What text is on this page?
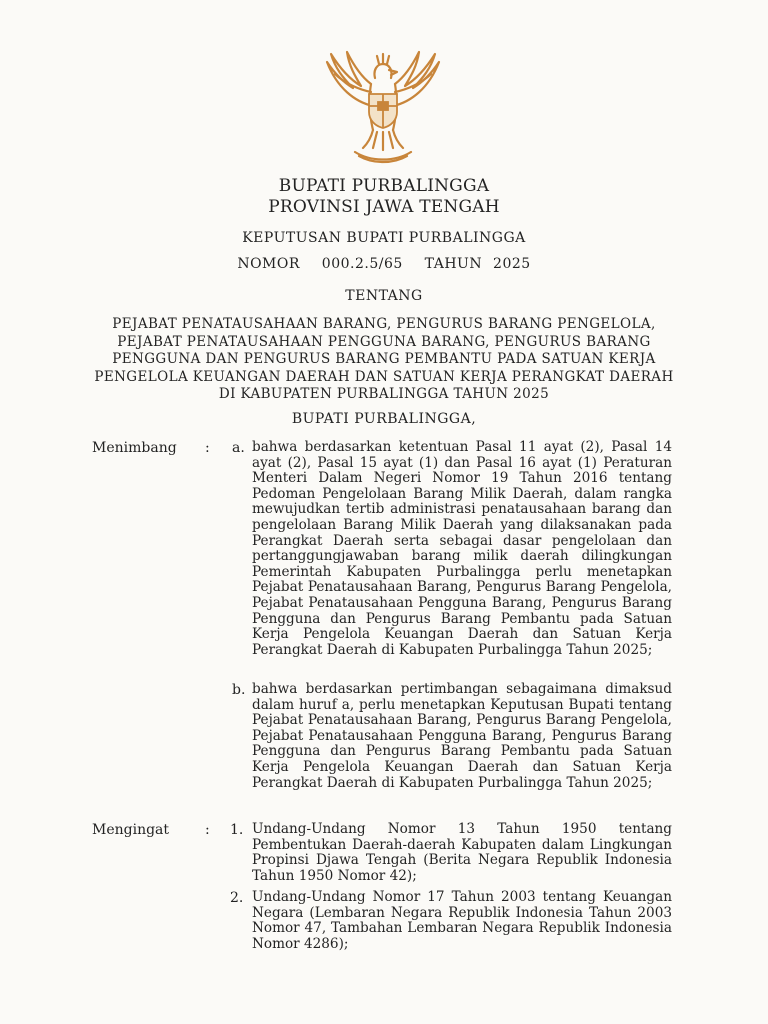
BUPATI PURBALINGGA
PROVINSI JAWA TENGAH
KEPUTUSAN BUPATI PURBALINGGA
NOMOR  000.2.5/65  TAHUN 2025
TENTANG
PEJABAT PENATAUSAHAAN BARANG, PENGURUS BARANG PENGELOLA,
PEJABAT PENATAUSAHAAN PENGGUNA BARANG, PENGURUS BARANG
PENGGUNA DAN PENGURUS BARANG PEMBANTU PADA SATUAN KERJA
PENGELOLA KEUANGAN DAERAH DAN SATUAN KERJA PERANGKAT DAERAH
DI KABUPATEN PURBALINGGA TAHUN 2025
BUPATI PURBALINGGA,
Menimbang : a. bahwa berdasarkan ketentuan Pasal 11 ayat (2), Pasal 14 ayat (2), Pasal 15 ayat (1) dan Pasal 16 ayat (1) Peraturan Menteri Dalam Negeri Nomor 19 Tahun 2016 tentang Pedoman Pengelolaan Barang Milik Daerah, dalam rangka mewujudkan tertib administrasi penatausahaan barang dan pengelolaan Barang Milik Daerah yang dilaksanakan pada Perangkat Daerah serta sebagai dasar pengelolaan dan pertanggungjawaban barang milik daerah dilingkungan Pemerintah Kabupaten Purbalingga perlu menetapkan Pejabat Penatausahaan Barang, Pengurus Barang Pengelola, Pejabat Penatausahaan Pengguna Barang, Pengurus Barang Pengguna dan Pengurus Barang Pembantu pada Satuan Kerja Pengelola Keuangan Daerah dan Satuan Kerja Perangkat Daerah di Kabupaten Purbalingga Tahun 2025;
b. bahwa berdasarkan pertimbangan sebagaimana dimaksud dalam huruf a, perlu menetapkan Keputusan Bupati tentang Pejabat Penatausahaan Barang, Pengurus Barang Pengelola, Pejabat Penatausahaan Pengguna Barang, Pengurus Barang Pengguna dan Pengurus Barang Pembantu pada Satuan Kerja Pengelola Keuangan Daerah dan Satuan Kerja Perangkat Daerah di Kabupaten Purbalingga Tahun 2025;
Mengingat	: 1. Undang-Undang Nomor 13 Tahun 1950 tentang Pembentukan Daerah-daerah Kabupaten dalam Lingkungan Propinsi Djawa Tengah (Berita Negara Republik Indonesia Tahun 1950 Nomor 42);
2. Undang-Undang Nomor 17 Tahun 2003 tentang Keuangan Negara (Lembaran Negara Republik Indonesia Tahun 2003 Nomor 47, Tambahan Lembaran Negara Republik Indonesia Nomor 4286);
